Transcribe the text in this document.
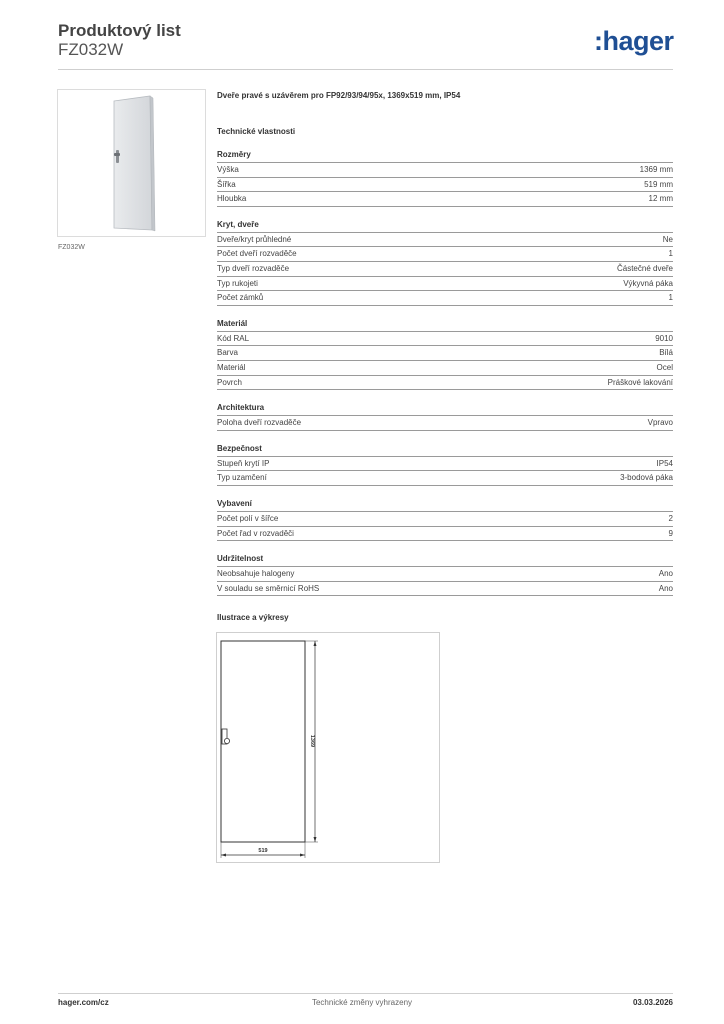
Produktový list
FZ032W	:hager
FZ032W
Dveře pravé s uzávěrem pro FP92/93/94/95x, 1369x519 mm, IP54
Technické vlastnosti
Rozměry
Výška	1369 mm
Šířka	519 mm
Hloubka	12 mm
Kryt, dveře
Dveře/kryt průhledné	Ne
Počet dveří rozvaděče	1
Typ dveří rozvaděče	Částečné dveře
Typ rukojeti	Výkyvná páka
Počet zámků	1
Materiál
Kód RAL	9010
Barva	Bílá
Materiál	Ocel
Povrch	Práškové lakování
Architektura
Poloha dveří rozvaděče	Vpravo
Bezpečnost
Stupeň krytí IP	IP54
Typ uzamčení	3-bodová páka
Vybavení
Počet polí v šířce	2
Počet řad v rozvaděči	9
Udržitelnost
Neobsahuje halogeny	Ano
V souladu se směrnicí RoHS	Ano
Ilustrace a výkresy
1369
519
hager.com/cz	Technické změny vyhrazeny	03.03.2026
